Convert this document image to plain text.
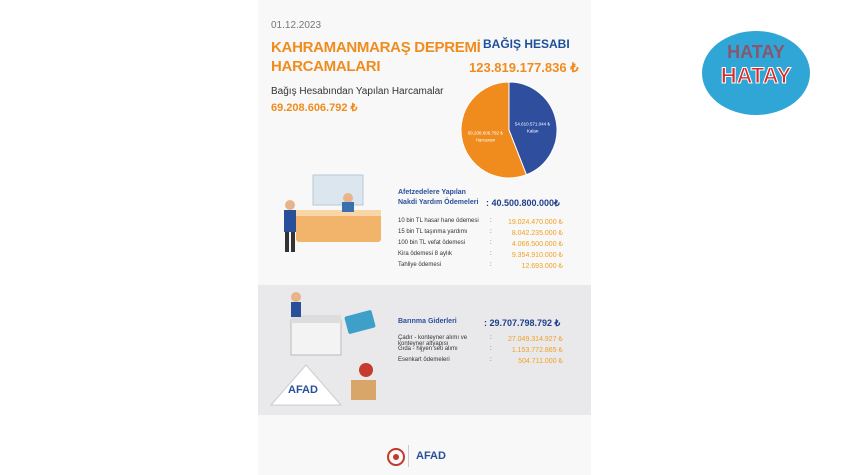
01.12.2023
KAHRAMANMARAŞ DEPREMİ
HARCAMALARI
Bağış Hesabından Yapılan Harcamalar
69.208.606.792 ₺
BAĞIŞ HESABI
123.819.177.836 ₺
54.610.571.044 ₺
Kalan
69.208.606.792 ₺
Harcanan
Afetzedelere Yapılan
Nakdi Yardım Ödemeleri : 40.500.800.000₺
10 bin TL hasar hane ödemesi	:	19.024.470.000 ₺
15 bin TL taşınma yardımı	:	8.042.235.000 ₺
100 bin TL vefat ödemesi	:	4.066.500.000 ₺
Kira ödemesi 8 aylık	:	9.354.910.000 ₺
Tahliye ödemesi	:	12.693.000 ₺
AFAD
Barınma Giderleri	: 29.707.798.792 ₺
Çadır - konteyner alımı ve konteyner altyapısı
:	27.049.314.927 ₺
Gıda - hijyen seti alımı	:	1.153.772.865 ₺
Esenkart ödemeleri	:	504.711.000 ₺
AFAD
HATAY
HATAY
